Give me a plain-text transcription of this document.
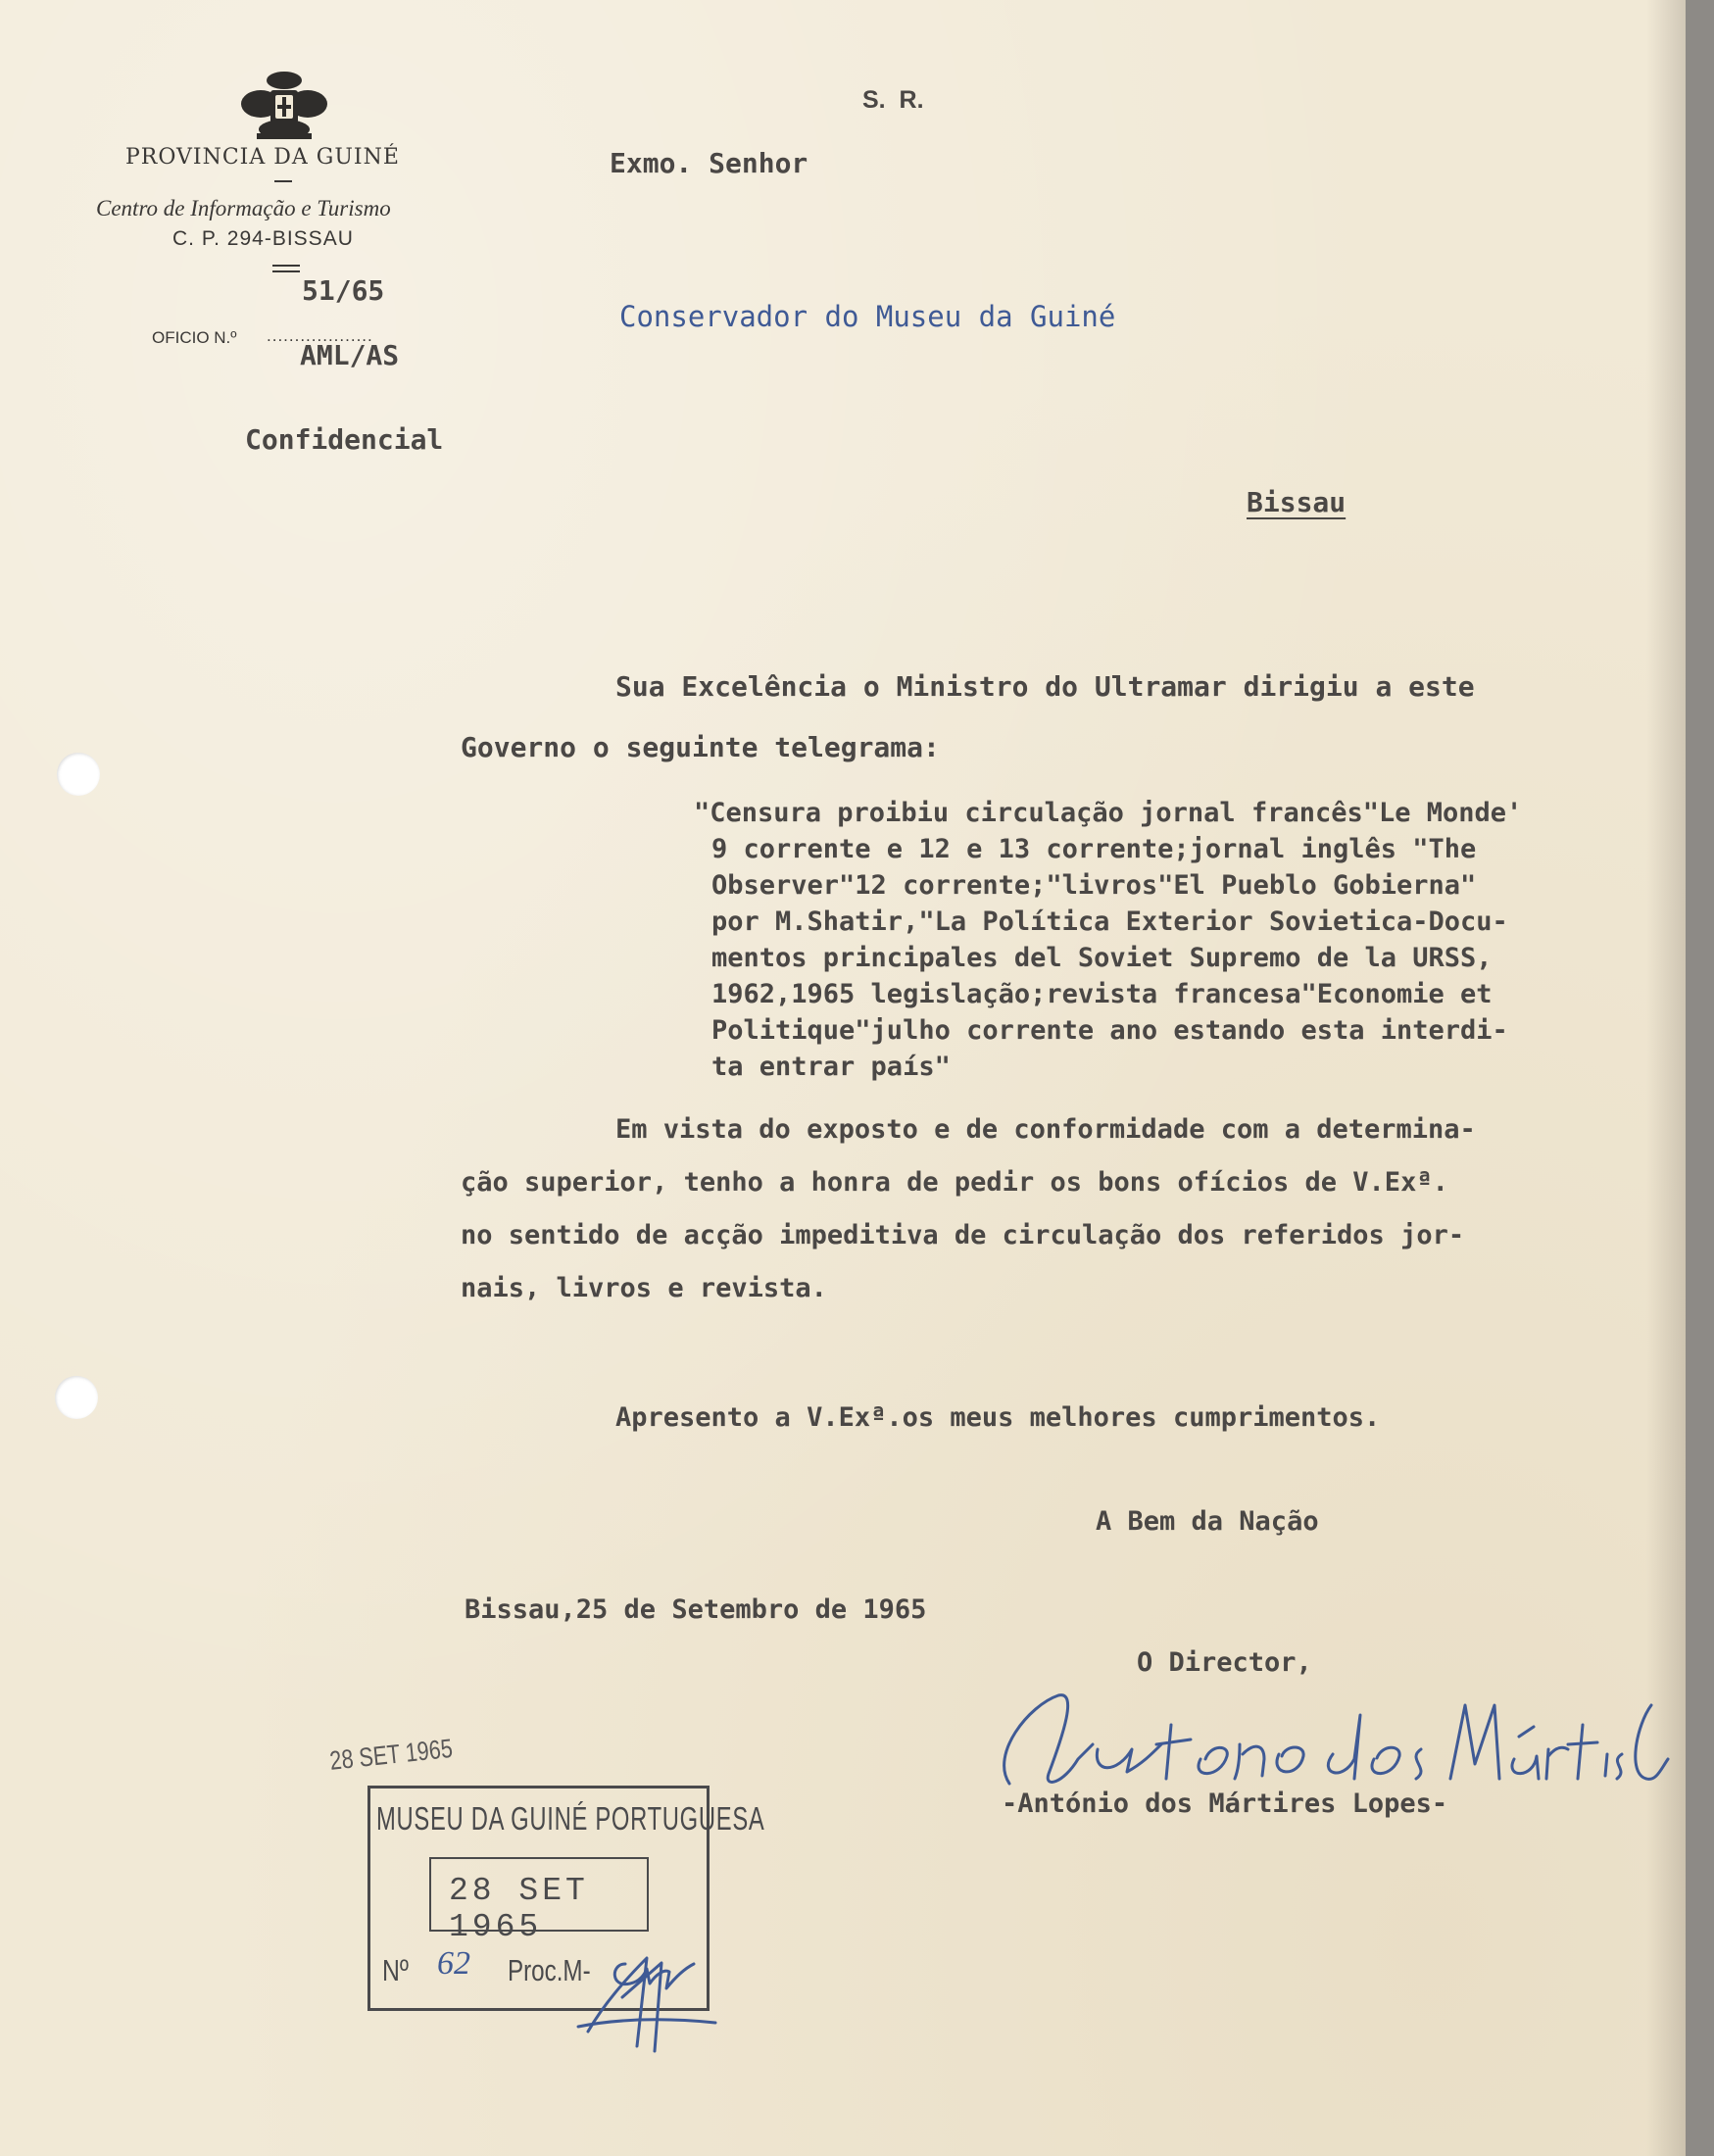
PROVINCIA DA GUINÉ
Centro de Informação e Turismo
C. P. 294-BISSAU
51/65
OFICIO N.º ...................
AML/AS
Confidencial
S.  R.
Exmo. Senhor
Conservador do Museu da Guiné
Bissau
Sua Excelência o Ministro do Ultramar dirigiu a este
Governo o seguinte telegrama:
"Censura proibiu circulação jornal francês"Le Monde'
9 corrente e 12 e 13 corrente;jornal inglês "The
Observer"12 corrente;"livros"El Pueblo Gobierna"
por M.Shatir,"La Política Exterior Sovietica-Docu-
mentos principales del Soviet Supremo de la URSS,
1962,1965 legislação;revista francesa"Economie et
Politique"julho corrente ano estando esta interdi-
ta entrar país"
Em vista do exposto e de conformidade com a determina-
ção superior, tenho a honra de pedir os bons ofícios de V.Exª.
no sentido de acção impeditiva de circulação dos referidos jor-
nais, livros e revista.
Apresento a V.Exª.os meus melhores cumprimentos.
A Bem da Nação
Bissau,25 de Setembro de 1965
O Director,
-António dos Mártires Lopes-
28 SET 1965
MUSEU DA GUINÉ PORTUGUESA
28 SET 1965
Nº 62 Proc.M-
